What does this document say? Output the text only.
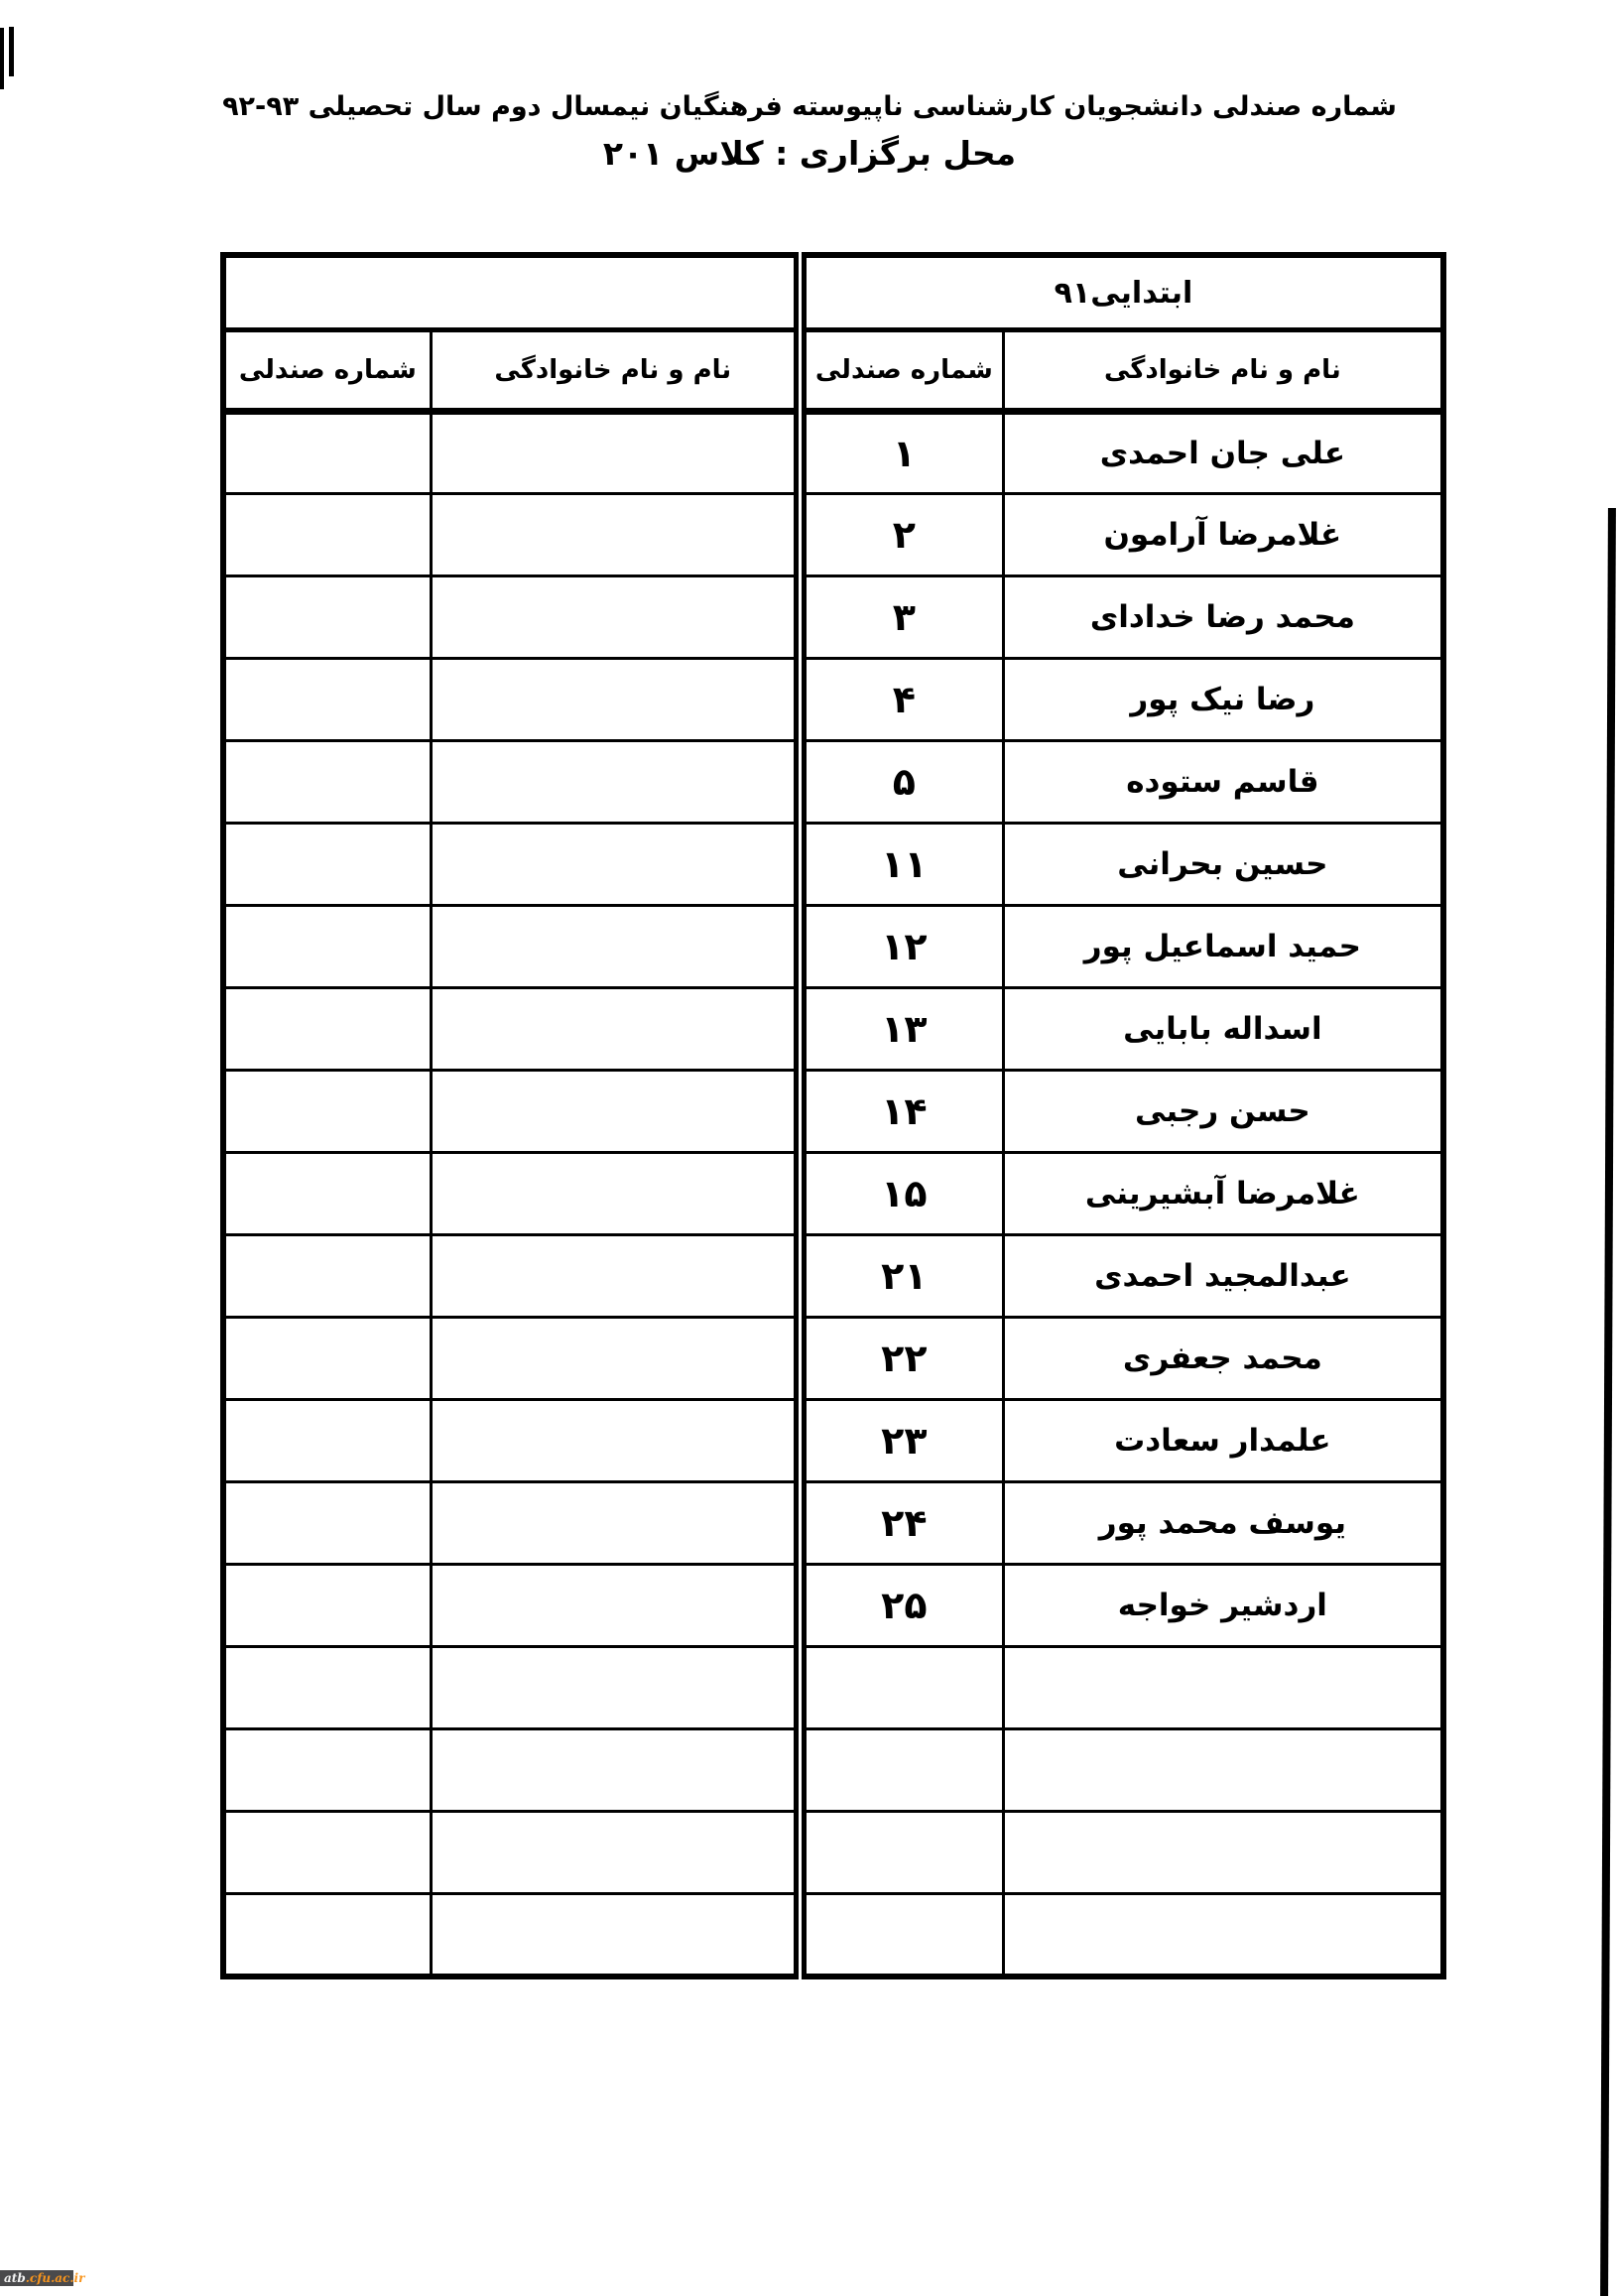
شماره صندلی دانشجویان کارشناسی ناپیوسته فرهنگیان نیمسال دوم سال تحصیلی ۹۳-۹۲
محل برگزاری : کلاس ۲۰۱
ابتدایی۹۱	
نام و نام خانوادگی	شماره صندلی
علی جان احمدی	۱
غلامرضا آرامون	۲
محمد رضا خدادای	۳
رضا نیک پور	۴
قاسم ستوده	۵
حسین بحرانی	۱۱
حمید اسماعیل پور	۱۲
اسداله بابایی	۱۳
حسن رجبی	۱۴
غلامرضا آبشیرینی	۱۵
عبدالمجید احمدی	۲۱
محمد جعفری	۲۲
علمدار سعادت	۲۳
یوسف محمد پور	۲۴
اردشیر خواجه	۲۵

نام و نام خانوادگی	شماره صندلی

atb.cfu.ac.ir
